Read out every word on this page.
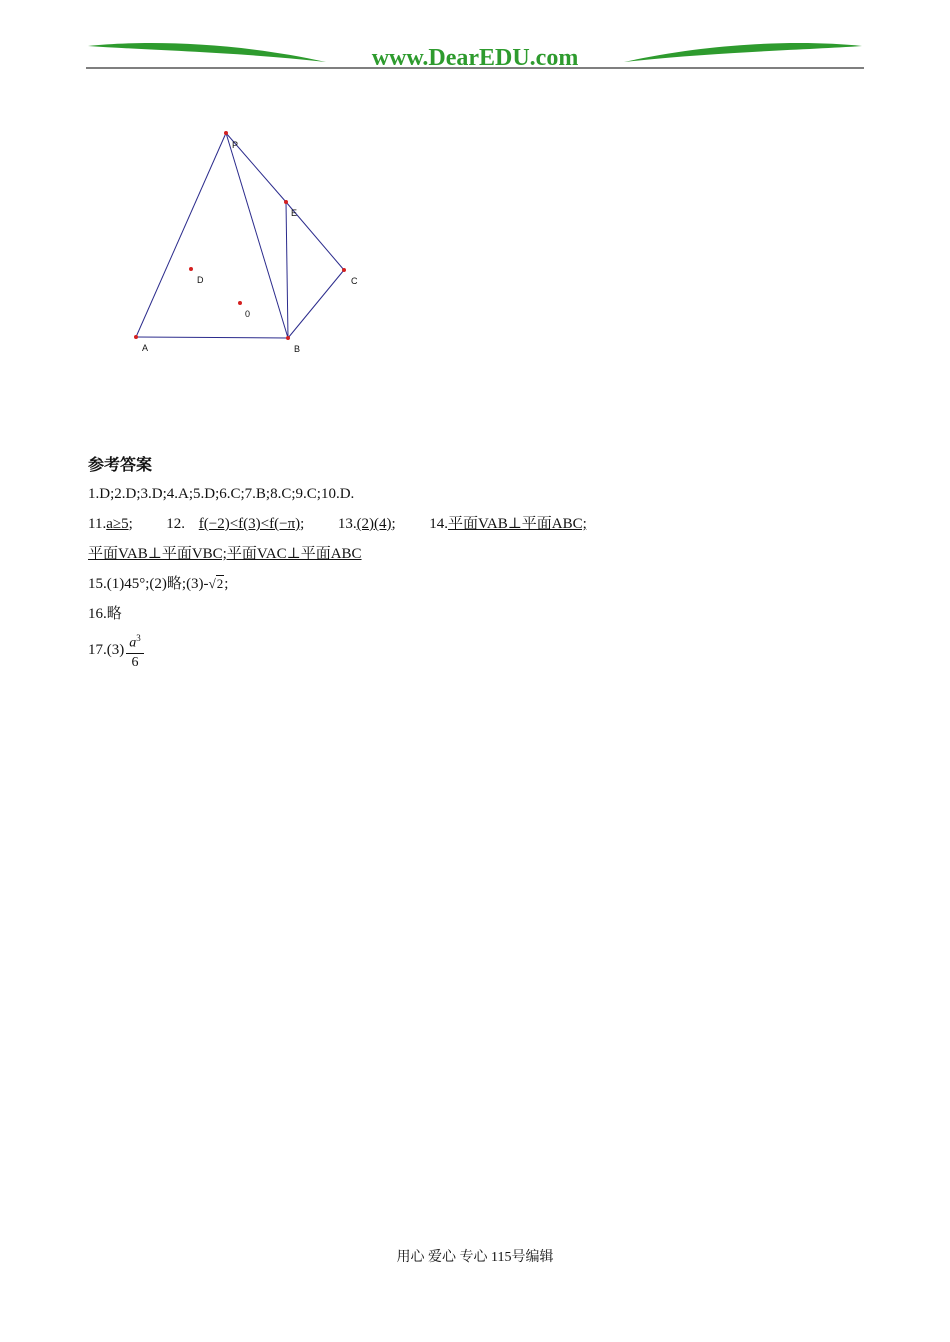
www.DearEDU.com
P
E
C
D
0
A	B
参考答案
1.D;2.D;3.D;4.A;5.D;6.C;7.B;8.C;9.C;10.D.
11.a≥5; 12. f(−2)<f(3)<f(−π); 13.(2)(4); 14.平面VAB⊥平面ABC;
平面VAB⊥平面VBC;平面VAC⊥平面ABC
15.(1)45°;(2)略;(3)-√2;
16.略
$17.(3) \frac{a^3}{6}$
用心 爱心 专心 115号编辑
